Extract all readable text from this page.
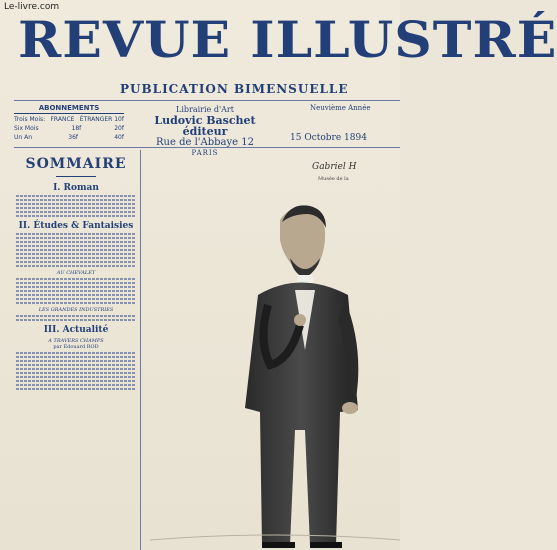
Le-livre.com
REVUE ILLUSTRÉ
PUBLICATION BIMENSUELLE
ABONNEMENTS
Trois Mois: FRANCE ÉTRANGER 10f
Six Mois	18f	20f
Un An	36f	40f
Librairie d'Art
Ludovic Baschet éditeur
Rue de l'Abbaye 12
PARIS
Neuvième Année
15 Octobre 1894
SOMMAIRE
I. Roman
II. Études & Fantaisies
AU CHEVALET
LES GRANDES INDUSTRIES
III. Actualité
A TRAVERS CHAMPS
par Édouard ROD
Gabriel H
Musée de la
